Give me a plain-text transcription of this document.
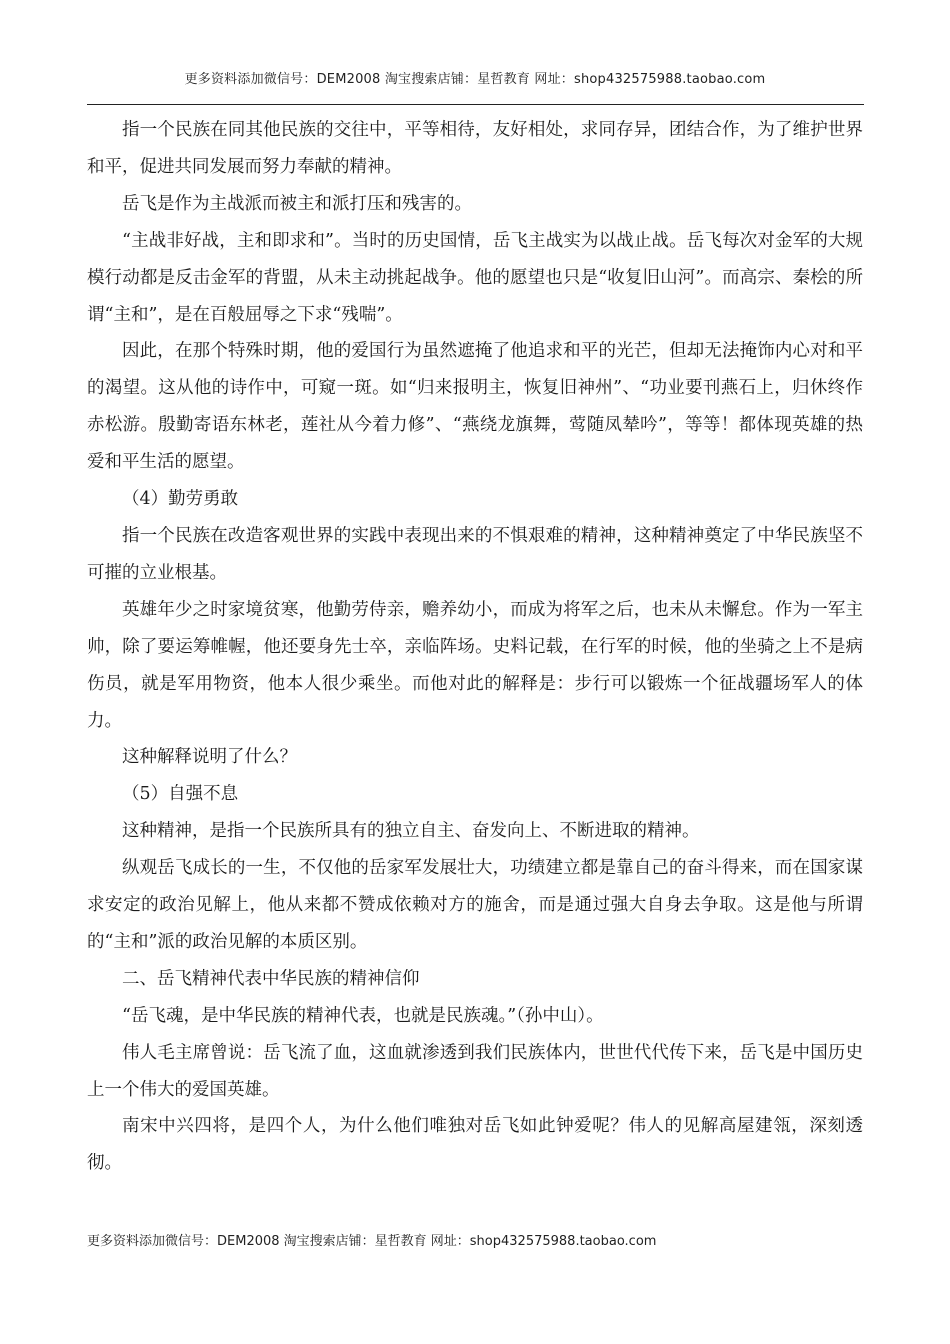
更多资料添加微信号：DEM2008 淘宝搜索店铺：星哲教育 网址：shop432575988.taobao.com

指一个民族在同其他民族的交往中，平等相待，友好相处，求同存异，团结合作，为了维护世界和平，促进共同发展而努力奉献的精神。

岳飞是作为主战派而被主和派打压和残害的。

“主战非好战，主和即求和”。当时的历史国情，岳飞主战实为以战止战。岳飞每次对金军的大规模行动都是反击金军的背盟，从未主动挑起战争。他的愿望也只是“收复旧山河”。而高宗、秦桧的所谓“主和”，是在百般屈辱之下求“残喘”。

因此，在那个特殊时期，他的爱国行为虽然遮掩了他追求和平的光芒，但却无法掩饰内心对和平的渴望。这从他的诗作中，可窥一斑。如“归来报明主，恢复旧神州”、“功业要刊燕石上，归休终作赤松游。殷勤寄语东林老，莲社从今着力修”、“燕绕龙旗舞，莺随凤辇吟”，等等！都体现英雄的热爱和平生活的愿望。

（4）勤劳勇敢

指一个民族在改造客观世界的实践中表现出来的不惧艰难的精神，这种精神奠定了中华民族坚不可摧的立业根基。

英雄年少之时家境贫寒，他勤劳侍亲，赡养幼小，而成为将军之后，也未从未懈怠。作为一军主帅，除了要运筹帷幄，他还要身先士卒，亲临阵场。史料记载，在行军的时候，他的坐骑之上不是病伤员，就是军用物资，他本人很少乘坐。而他对此的解释是：步行可以锻炼一个征战疆场军人的体力。

这种解释说明了什么？

（5）自强不息

这种精神，是指一个民族所具有的独立自主、奋发向上、不断进取的精神。

纵观岳飞成长的一生，不仅他的岳家军发展壮大，功绩建立都是靠自己的奋斗得来，而在国家谋求安定的政治见解上，他从来都不赞成依赖对方的施舍，而是通过强大自身去争取。这是他与所谓的“主和”派的政治见解的本质区别。

二、岳飞精神代表中华民族的精神信仰

“岳飞魂，是中华民族的精神代表，也就是民族魂。”（孙中山）。

伟人毛主席曾说：岳飞流了血，这血就渗透到我们民族体内，世世代代传下来，岳飞是中国历史上一个伟大的爱国英雄。

南宋中兴四将，是四个人，为什么他们唯独对岳飞如此钟爱呢？伟人的见解高屋建瓴，深刻透彻。

更多资料添加微信号：DEM2008 淘宝搜索店铺：星哲教育 网址：shop432575988.taobao.com
